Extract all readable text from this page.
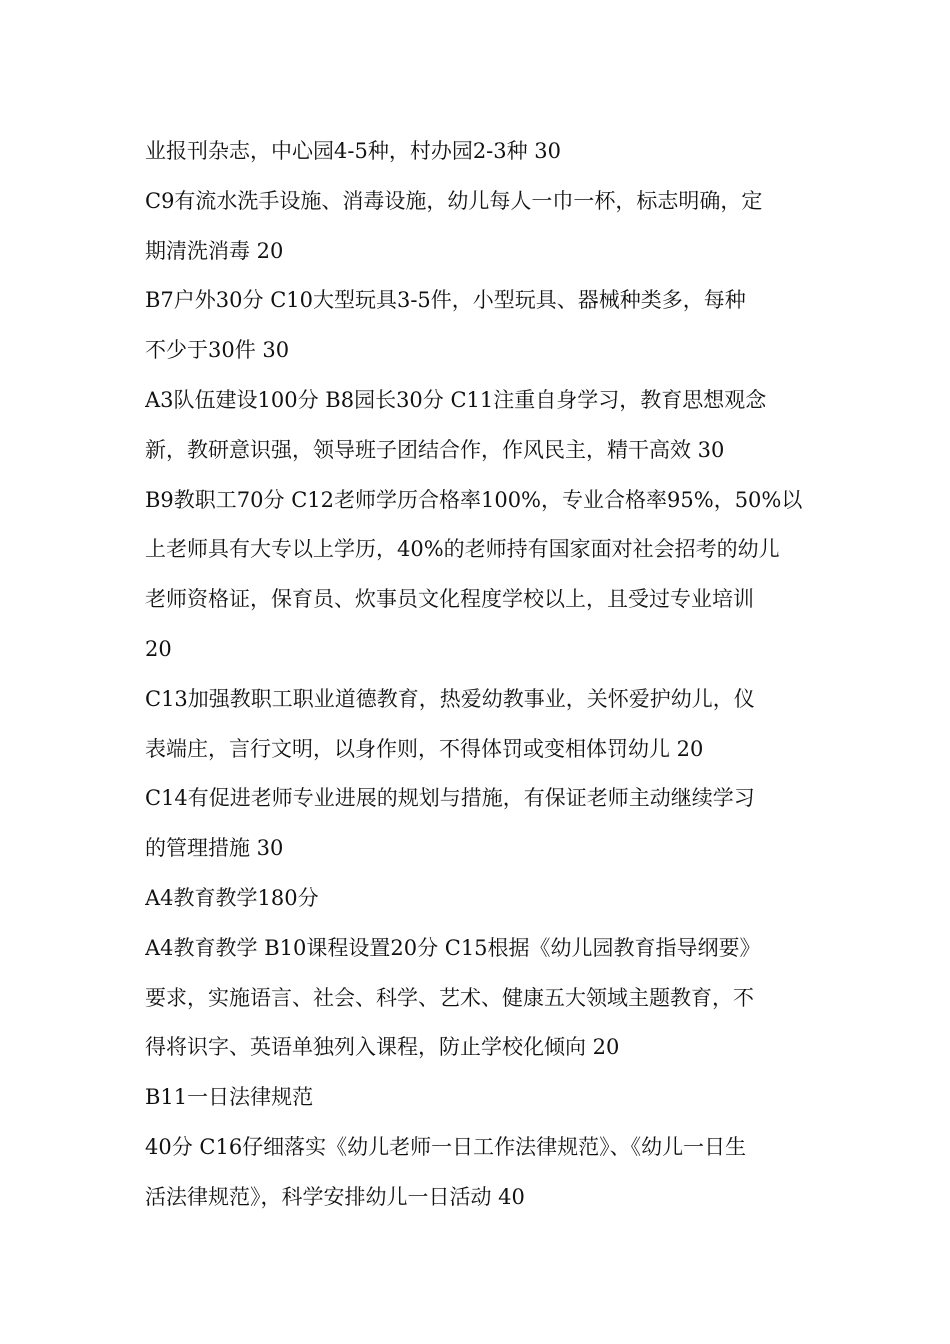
业报刊杂志，中心园4-5种，村办园2-3种 30
C9有流水洗手设施、消毒设施，幼儿每人一巾一杯，标志明确，定
期清洗消毒 20
B7户外30分 C10大型玩具3-5件，小型玩具、器械种类多，每种
不少于30件 30
A3队伍建设100分 B8园长30分 C11注重自身学习，教育思想观念
新，教研意识强，领导班子团结合作，作风民主，精干高效 30
B9教职工70分 C12老师学历合格率100%，专业合格率95%，50%以
上老师具有大专以上学历，40%的老师持有国家面对社会招考的幼儿
老师资格证，保育员、炊事员文化程度学校以上，且受过专业培训
20
C13加强教职工职业道德教育，热爱幼教事业，关怀爱护幼儿，仪
表端庄，言行文明，以身作则，不得体罚或变相体罚幼儿 20
C14有促进老师专业进展的规划与措施，有保证老师主动继续学习
的管理措施 30
A4教育教学180分
A4教育教学 B10课程设置20分 C15根据《幼儿园教育指导纲要》
要求，实施语言、社会、科学、艺术、健康五大领域主题教育，不
得将识字、英语单独列入课程，防止学校化倾向 20
B11一日法律规范
40分 C16仔细落实《幼儿老师一日工作法律规范》、《幼儿一日生
活法律规范》，科学安排幼儿一日活动 40
